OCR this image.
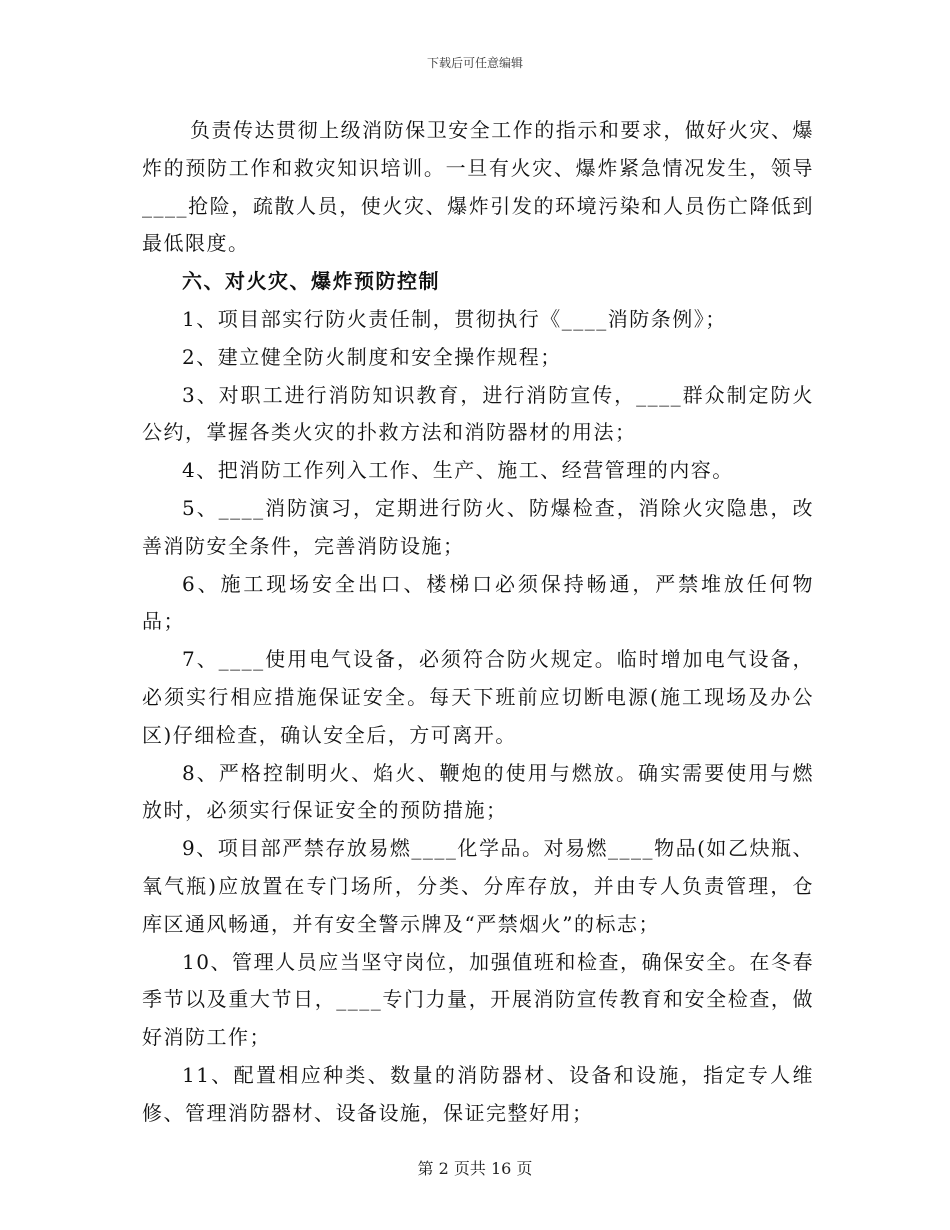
下载后可任意编辑

负责传达贯彻上级消防保卫安全工作的指示和要求，做好火灾、爆炸的预防工作和救灾知识培训。一旦有火灾、爆炸紧急情况发生，领导____抢险，疏散人员，使火灾、爆炸引发的环境污染和人员伤亡降低到最低限度。

六、对火灾、爆炸预防控制

1、项目部实行防火责任制，贯彻执行《____消防条例》；

2、建立健全防火制度和安全操作规程；

3、对职工进行消防知识教育，进行消防宣传，____群众制定防火公约，掌握各类火灾的扑救方法和消防器材的用法；

4、把消防工作列入工作、生产、施工、经营管理的内容。

5、____消防演习，定期进行防火、防爆检查，消除火灾隐患，改善消防安全条件，完善消防设施；

6、施工现场安全出口、楼梯口必须保持畅通，严禁堆放任何物品；

7、____使用电气设备，必须符合防火规定。临时增加电气设备，必须实行相应措施保证安全。每天下班前应切断电源(施工现场及办公区)仔细检查，确认安全后，方可离开。

8、严格控制明火、焰火、鞭炮的使用与燃放。确实需要使用与燃放时，必须实行保证安全的预防措施；

9、项目部严禁存放易燃____化学品。对易燃____物品(如乙炔瓶、氧气瓶)应放置在专门场所，分类、分库存放，并由专人负责管理，仓库区通风畅通，并有安全警示牌及“严禁烟火”的标志；

10、管理人员应当坚守岗位，加强值班和检查，确保安全。在冬春季节以及重大节日，____专门力量，开展消防宣传教育和安全检查，做好消防工作；

11、配置相应种类、数量的消防器材、设备和设施，指定专人维修、管理消防器材、设备设施，保证完整好用；

第 2 页共 16 页
